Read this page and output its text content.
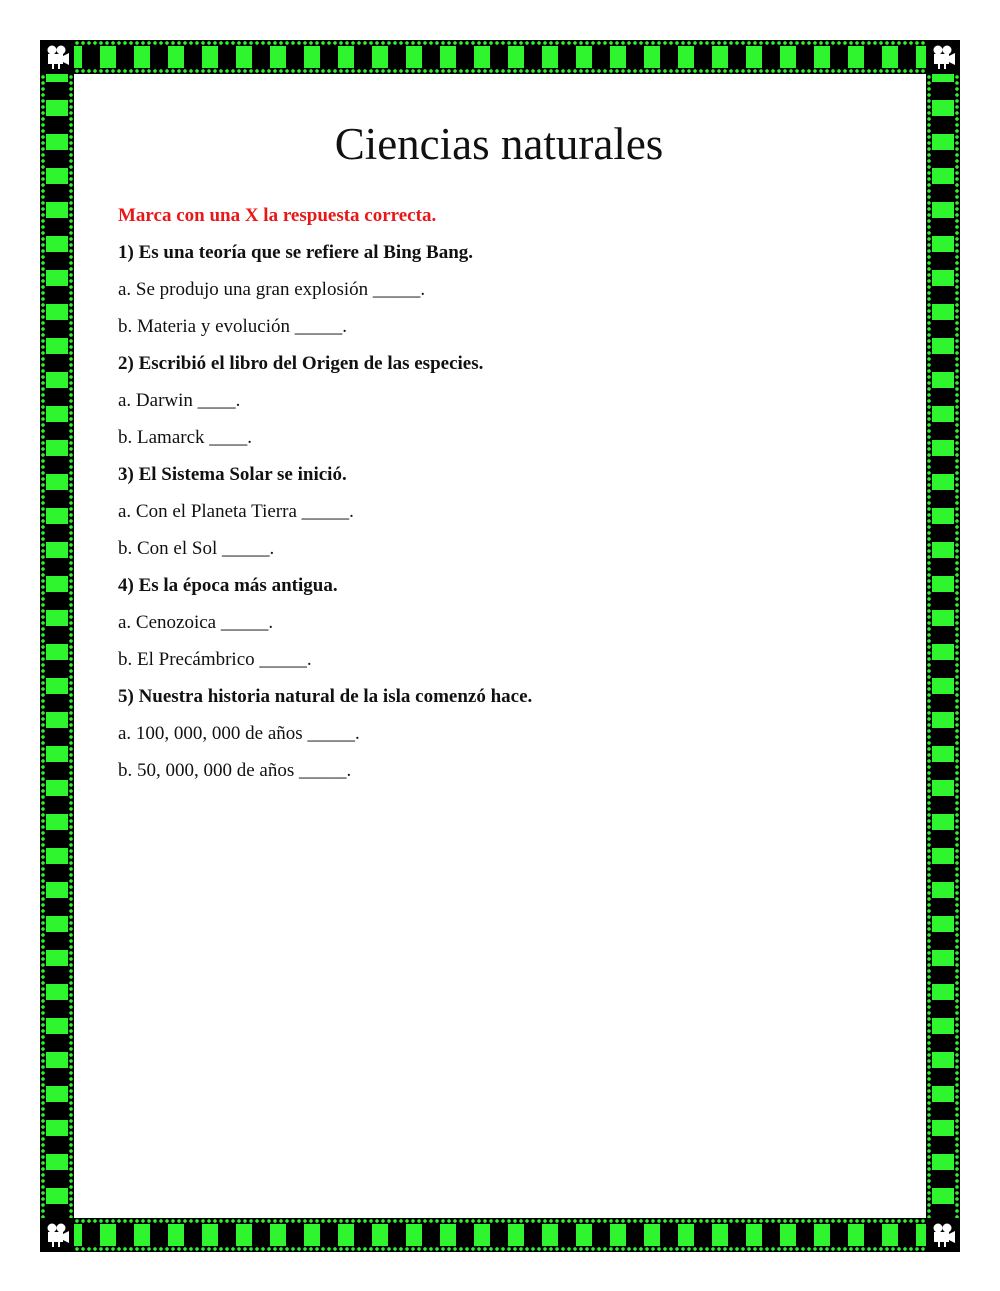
Ciencias naturales

Marca con una X la respuesta correcta.

1) Es una teoría que se refiere al Bing Bang.

a. Se produjo una gran explosión _____.

b. Materia y evolución _____.

2) Escribió el libro del Origen de las especies.

a. Darwin ____.

b. Lamarck ____.

3) El Sistema Solar se inició.

a. Con el Planeta Tierra _____.

b. Con el Sol _____.

4) Es la época más antigua.

a. Cenozoica _____.

b. El Precámbrico _____.

5) Nuestra historia natural de la isla comenzó hace.

a. 100, 000, 000 de años _____.

b. 50, 000, 000 de años _____.
